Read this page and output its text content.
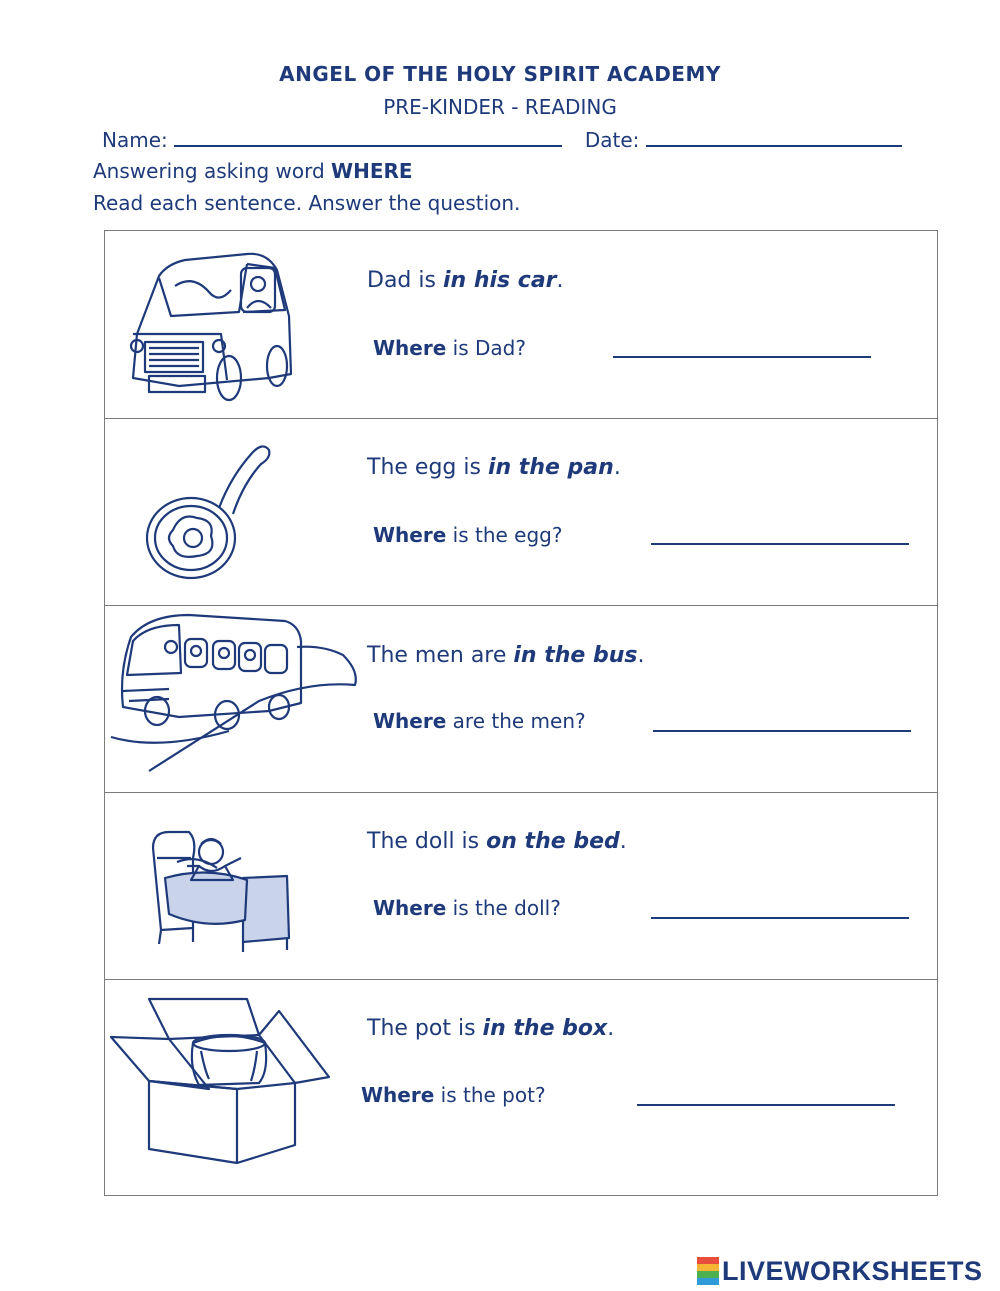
ANGEL OF THE HOLY SPIRIT ACADEMY
PRE-KINDER - READING
Name:	Date:
Answering asking word WHERE
Read each sentence. Answer the question.
Dad is in his car.
Where is Dad?
The egg is in the pan.
Where is the egg?
The men are in the bus.
Where are the men?
The doll is on the bed.
Where is the doll?
The pot is in the box.
Where is the pot?
LIVEWORKSHEETS
